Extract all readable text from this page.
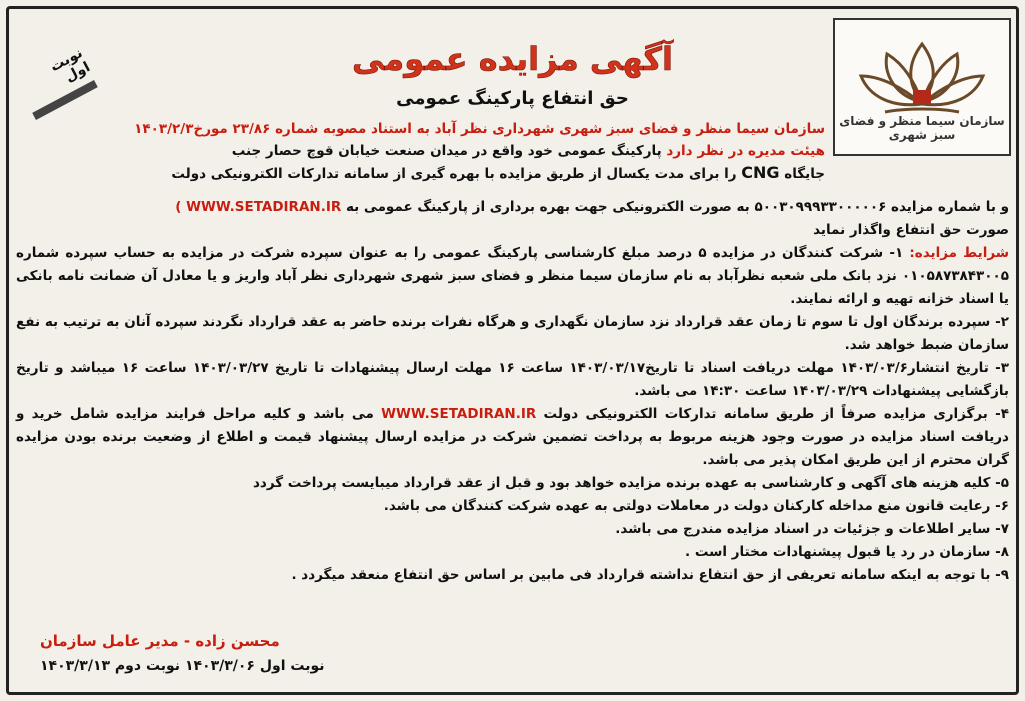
نوبت اول
سازمان سیما منظر و فضای سبز شهری
آگهی مزایده عمومی
حق انتفاع پارکینگ عمومی

سازمان سیما منظر و فضای سبز شهری شهرداری نظر آباد به استناد مصوبه شماره ۲۳/۸۶ مورخ۱۴۰۳/۲/۳

هیئت مدیره در نظر دارد پارکینگ عمومی خود واقع در میدان صنعت خیابان قوچ حصار جنب

جایگاه CNG را برای مدت یکسال از طریق مزایده با بهره گیری از سامانه تدارکات الکترونیکی دولت

و با شماره مزایده ۵۰۰۳۰۹۹۹۳۳۰۰۰۰۰۶ به صورت الکترونیکی جهت بهره برداری از پارکینگ عمومی به ( WWW.SETADIRAN.IR

صورت حق انتفاع واگذار نماید

شرایط مزایده: ۱- شرکت کنندگان در مزایده ۵ درصد مبلغ کارشناسی پارکینگ عمومی را به عنوان سپرده شرکت در مزایده به حساب سپرده شماره ۰۱۰۵۸۷۳۸۴۳۰۰۵ نزد بانک ملی شعبه نظرآباد به نام سازمان سیما منظر و فضای سبز شهری شهرداری نظر آباد واریز و یا معادل آن ضمانت نامه بانکی یا اسناد خزانه تهیه و ارائه نمایند.

۲- سپرده برندگان اول تا سوم تا زمان عقد قرارداد نزد سازمان نگهداری و هرگاه نفرات برنده حاضر به عقد قرارداد نگردند سپرده آنان به ترتیب به نفع سازمان ضبط خواهد شد.

۳- تاریخ انتشار۱۴۰۳/۰۳/۶ مهلت دریافت اسناد تا تاریخ۱۴۰۳/۰۳/۱۷ ساعت ۱۶ مهلت ارسال پیشنهادات تا تاریخ ۱۴۰۳/۰۳/۲۷ ساعت ۱۶ میباشد و تاریخ بازگشایی پیشنهادات ۱۴۰۳/۰۳/۲۹ ساعت ۱۴:۳۰ می باشد.

۴- برگزاری مزایده صرفاً از طریق سامانه تدارکات الکترونیکی دولت WWW.SETADIRAN.IR می باشد و کلیه مراحل فرایند مزایده شامل خرید و دریافت اسناد مزایده در صورت وجود هزینه مربوط به پرداخت تضمین شرکت در مزایده ارسال پیشنهاد قیمت و اطلاع از وضعیت برنده بودن مزایده گران محترم از این طریق امکان پذیر می باشد.

۵- کلیه هزینه های آگهی و کارشناسی به عهده برنده مزایده خواهد بود و قبل از عقد قرارداد میبایست پرداخت گردد

۶- رعایت قانون منع مداخله کارکنان دولت در معاملات دولتی به عهده شرکت کنندگان می باشد.

۷- سایر اطلاعات و جزئیات در اسناد مزایده مندرج می باشد.

۸- سازمان در رد یا قبول پیشنهادات مختار است .

۹- با توجه به اینکه سامانه تعریفی از حق انتفاع نداشته قرارداد فی مابین بر اساس حق انتفاع منعقد میگردد .

محسن زاده - مدیر عامل سازمان
نوبت اول ۱۴۰۳/۳/۰۶ نوبت دوم ۱۴۰۳/۳/۱۳
